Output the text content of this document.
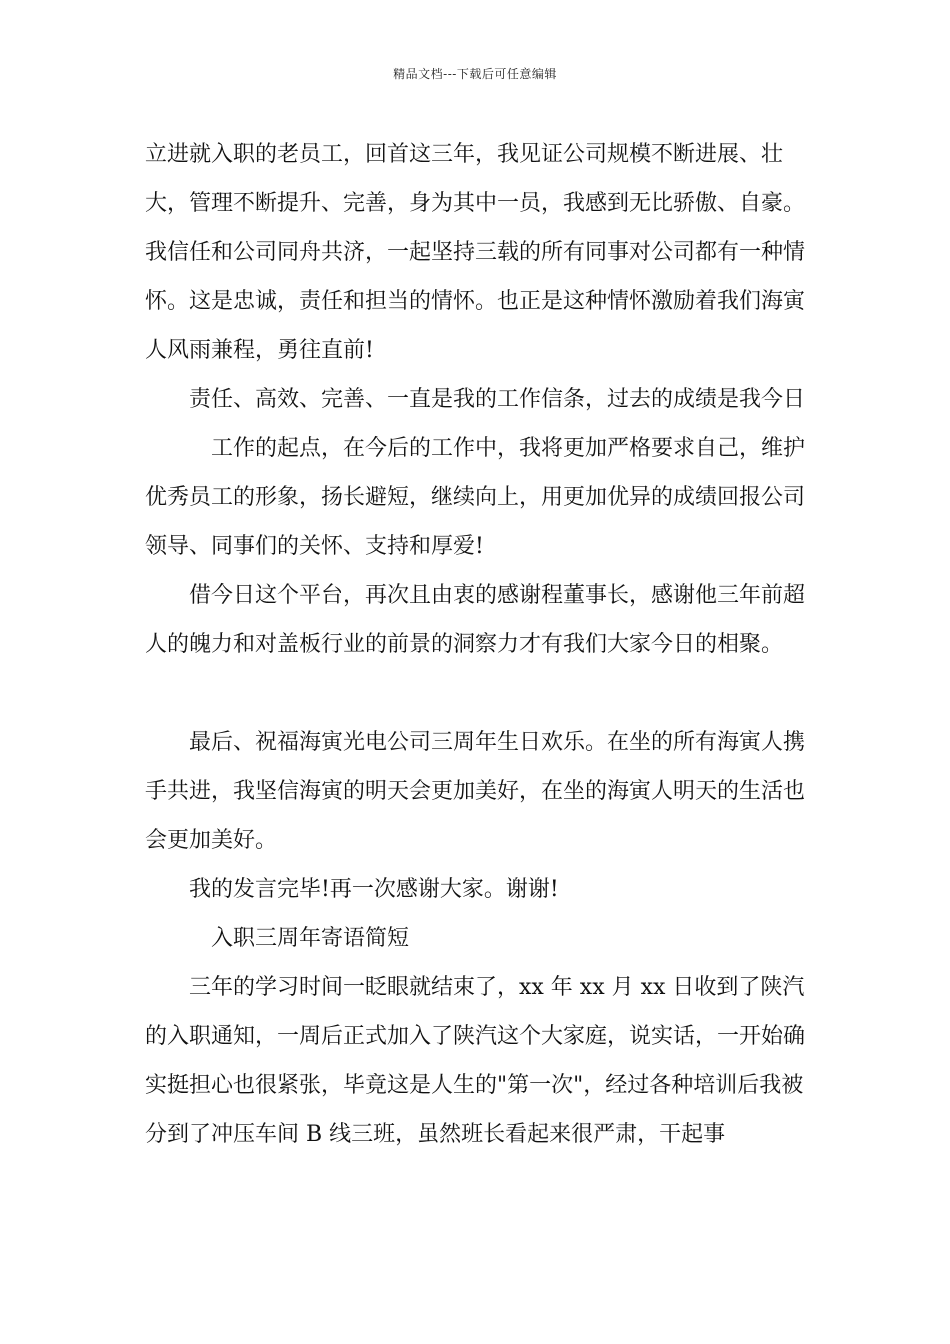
精品文档---下载后可任意编辑

立进就入职的老员工，回首这三年，我见证公司规模不断进展、壮大，管理不断提升、完善，身为其中一员，我感到无比骄傲、自豪。我信任和公司同舟共济，一起坚持三载的所有同事对公司都有一种情怀。这是忠诚，责任和担当的情怀。也正是这种情怀激励着我们海寅人风雨兼程，勇往直前!

责任、高效、完善、一直是我的工作信条，过去的成绩是我今日

工作的起点，在今后的工作中，我将更加严格要求自己，维护优秀员工的形象，扬长避短，继续向上，用更加优异的成绩回报公司领导、同事们的关怀、支持和厚爱!

借今日这个平台，再次且由衷的感谢程董事长，感谢他三年前超人的魄力和对盖板行业的前景的洞察力才有我们大家今日的相聚。

最后、祝福海寅光电公司三周年生日欢乐。在坐的所有海寅人携手共进，我坚信海寅的明天会更加美好，在坐的海寅人明天的生活也会更加美好。

我的发言完毕!再一次感谢大家。谢谢!

入职三周年寄语简短

三年的学习时间一眨眼就结束了，xx 年 xx 月 xx 日收到了陕汽的入职通知，一周后正式加入了陕汽这个大家庭，说实话，一开始确实挺担心也很紧张，毕竟这是人生的"第一次"，经过各种培训后我被分到了冲压车间 B 线三班，虽然班长看起来很严肃，干起事
